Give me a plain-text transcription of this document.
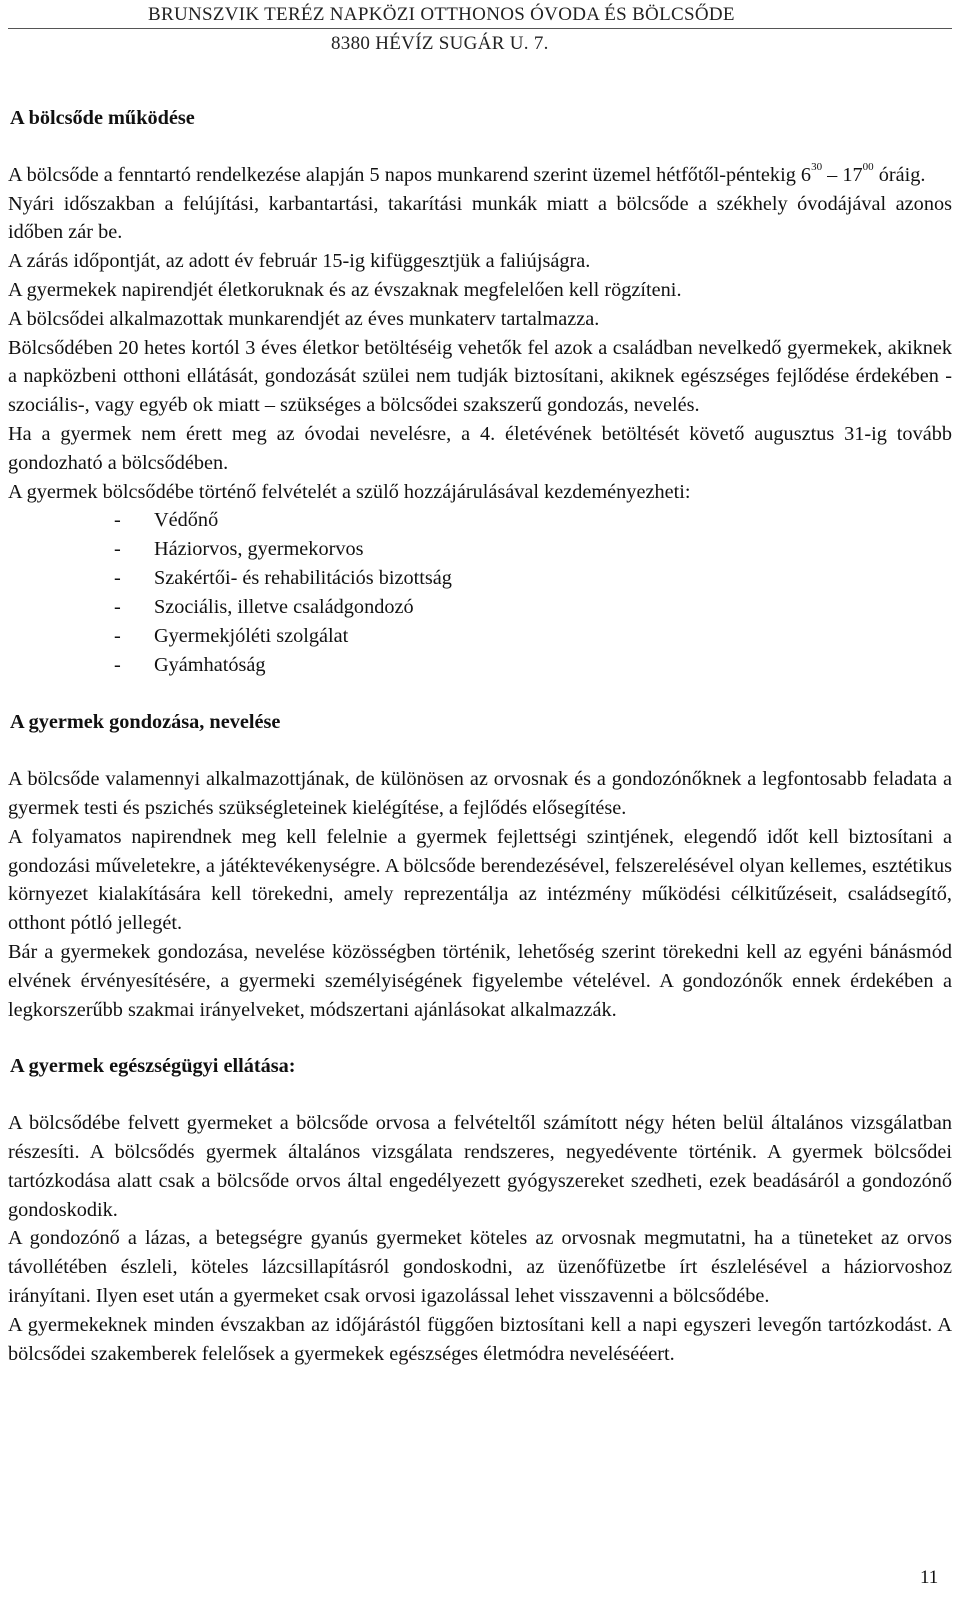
BRUNSZVIK TERÉZ NAPKÖZI OTTHONOS ÓVODA ÉS BÖLCSŐDE
8380 HÉVÍZ SUGÁR U. 7.
A bölcsőde működése

A bölcsőde a fenntartó rendelkezése alapján 5 napos munkarend szerint üzemel hétfőtől-péntekig $6^{30} - 17^{00}$ óráig.

Nyári időszakban a felújítási, karbantartási, takarítási munkák miatt a bölcsőde a székhely óvodájával azonos időben zár be.

A zárás időpontját, az adott év február 15-ig kifüggesztjük a faliújságra.

A gyermekek napirendjét életkoruknak és az évszaknak megfelelően kell rögzíteni.

A bölcsődei alkalmazottak munkarendjét az éves munkaterv tartalmazza.

Bölcsődében 20 hetes kortól 3 éves életkor betöltéséig vehetők fel azok a családban nevelkedő gyermekek, akiknek a napközbeni otthoni ellátását, gondozását szülei nem tudják biztosítani, akiknek egészséges fejlődése érdekében - szociális-, vagy egyéb ok miatt – szükséges a bölcsődei szakszerű gondozás, nevelés.

Ha a gyermek nem érett meg az óvodai nevelésre, a 4. életévének betöltését követő augusztus 31-ig tovább gondozható a bölcsődében.

A gyermek bölcsődébe történő felvételét a szülő hozzájárulásával kezdeményezheti:

- Védőnő
- Háziorvos, gyermekorvos
- Szakértői- és rehabilitációs bizottság
- Szociális, illetve családgondozó
- Gyermekjóléti szolgálat
- Gyámhatóság
A gyermek gondozása, nevelése

A bölcsőde valamennyi alkalmazottjának, de különösen az orvosnak és a gondozónőknek a legfontosabb feladata a gyermek testi és pszichés szükségleteinek kielégítése, a fejlődés elősegítése.

A folyamatos napirendnek meg kell felelnie a gyermek fejlettségi szintjének, elegendő időt kell biztosítani a gondozási műveletekre, a játéktevékenységre. A bölcsőde berendezésével, felszerelésével olyan kellemes, esztétikus környezet kialakítására kell törekedni, amely reprezentálja az intézmény működési célkitűzéseit, családsegítő, otthont pótló jellegét.

Bár a gyermekek gondozása, nevelése közösségben történik, lehetőség szerint törekedni kell az egyéni bánásmód elvének érvényesítésére, a gyermeki személyiségének figyelembe vételével. A gondozónők ennek érdekében a legkorszerűbb szakmai irányelveket, módszertani ajánlásokat alkalmazzák.

A gyermek egészségügyi ellátása:

A bölcsődébe felvett gyermeket a bölcsőde orvosa a felvételtől számított négy héten belül általános vizsgálatban részesíti. A bölcsődés gyermek általános vizsgálata rendszeres, negyedévente történik. A gyermek bölcsődei tartózkodása alatt csak a bölcsőde orvos által engedélyezett gyógyszereket szedheti, ezek beadásáról a gondozónő gondoskodik.

A gondozónő a lázas, a betegségre gyanús gyermeket köteles az orvosnak megmutatni, ha a tüneteket az orvos távollétében észleli, köteles lázcsillapításról gondoskodni, az üzenőfüzetbe írt észlelésével a háziorvoshoz irányítani. Ilyen eset után a gyermeket csak orvosi igazolással lehet visszavenni a bölcsődébe.

A gyermekeknek minden évszakban az időjárástól függően biztosítani kell a napi egyszeri levegőn tartózkodást. A bölcsődei szakemberek felelősek a gyermekek egészséges életmódra nevelésééert.

11
